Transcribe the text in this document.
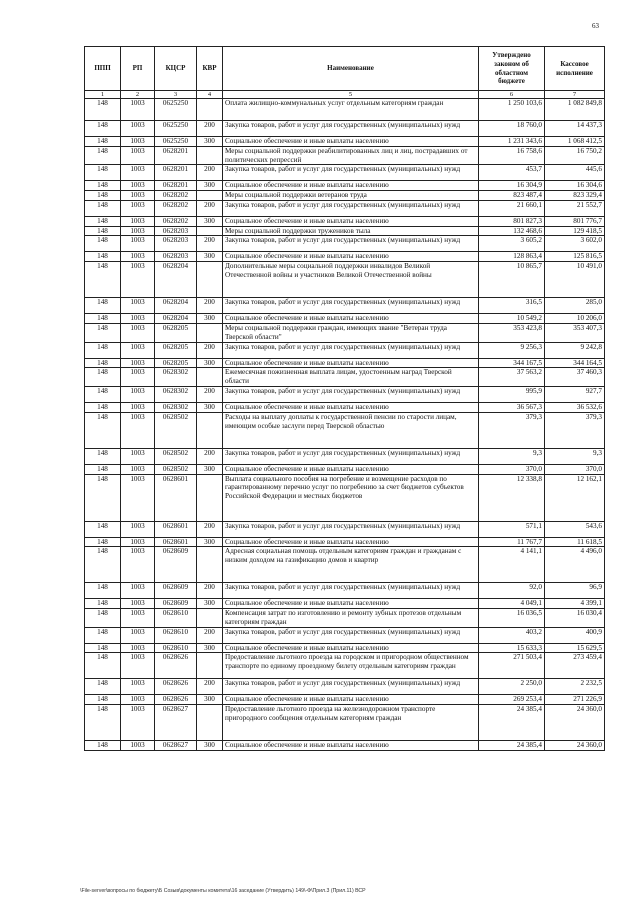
63
ППП	РП	КЦСР	КВР	Наименование	Утверждено законом об областном бюджете	Кассовое исполнение
1	2	3	4	5	6	7
148	1003	0625250		Оплата жилищно-коммунальных услуг отдельным категориям граждан	1 250 103,6	1 082 849,8
148	1003	0625250	200	Закупка товаров, работ и услуг для государственных (муниципальных) нужд	18 760,0	14 437,3
148	1003	0625250	300	Социальное обеспечение и иные выплаты населению	1 231 343,6	1 068 412,5
148	1003	0628201		Меры социальной поддержки реабилитированных лиц и лиц, пострадавших от политических репрессий	16 758,6	16 750,2
148	1003	0628201	200	Закупка товаров, работ и услуг для государственных (муниципальных) нужд	453,7	445,6
148	1003	0628201	300	Социальное обеспечение и иные выплаты населению	16 304,9	16 304,6
148	1003	0628202		Меры социальной поддержки ветеранов труда	823 487,4	823 329,4
148	1003	0628202	200	Закупка товаров, работ и услуг для государственных (муниципальных) нужд	21 660,1	21 552,7
148	1003	0628202	300	Социальное обеспечение и иные выплаты населению	801 827,3	801 776,7
148	1003	0628203		Меры социальной поддержки тружеников тыла	132 468,6	129 418,5
148	1003	0628203	200	Закупка товаров, работ и услуг для государственных (муниципальных) нужд	3 605,2	3 602,0
148	1003	0628203	300	Социальное обеспечение и иные выплаты населению	128 863,4	125 816,5
148	1003	0628204		Дополнительные меры социальной поддержки инвалидов Великой Отечественной войны и участников Великой Отечественной войны	10 865,7	10 491,0
148	1003	0628204	200	Закупка товаров, работ и услуг для государственных (муниципальных) нужд	316,5	285,0
148	1003	0628204	300	Социальное обеспечение и иные выплаты населению	10 549,2	10 206,0
148	1003	0628205		Меры социальной поддержки граждан, имеющих звание "Ветеран труда Тверской области"	353 423,8	353 407,3
148	1003	0628205	200	Закупка товаров, работ и услуг для государственных (муниципальных) нужд	9 256,3	9 242,8
148	1003	0628205	300	Социальное обеспечение и иные выплаты населению	344 167,5	344 164,5
148	1003	0628302		Ежемесячная пожизненная выплата лицам, удостоенным наград Тверской области	37 563,2	37 460,3
148	1003	0628302	200	Закупка товаров, работ и услуг для государственных (муниципальных) нужд	995,9	927,7
148	1003	0628302	300	Социальное обеспечение и иные выплаты населению	36 567,3	36 532,6
148	1003	0628502		Расходы на выплату доплаты к государственной пенсии по старости лицам, имеющим особые заслуги перед Тверской областью	379,3	379,3
148	1003	0628502	200	Закупка товаров, работ и услуг для государственных (муниципальных) нужд	9,3	9,3
148	1003	0628502	300	Социальное обеспечение и иные выплаты населению	370,0	370,0
148	1003	0628601		Выплата социального пособия на погребение и возмещение расходов по гарантированному перечню услуг по погребению за счет бюджетов субъектов Российской Федерации и местных бюджетов	12 338,8	12 162,1
148	1003	0628601	200	Закупка товаров, работ и услуг для государственных (муниципальных) нужд	571,1	543,6
148	1003	0628601	300	Социальное обеспечение и иные выплаты населению	11 767,7	11 618,5
148	1003	0628609		Адресная социальная помощь отдельным категориям граждан и гражданам с низким доходом на газификацию домов и квартир	4 141,1	4 496,0
148	1003	0628609	200	Закупка товаров, работ и услуг для государственных (муниципальных) нужд	92,0	96,9
148	1003	0628609	300	Социальное обеспечение и иные выплаты населению	4 049,1	4 399,1
148	1003	0628610		Компенсация затрат по изготовлению и ремонту зубных протезов отдельным категориям граждан	16 036,5	16 030,4
148	1003	0628610	200	Закупка товаров, работ и услуг для государственных (муниципальных) нужд	403,2	400,9
148	1003	0628610	300	Социальное обеспечение и иные выплаты населению	15 633,3	15 629,5
148	1003	0628626		Предоставление льготного проезда на городском и пригородном общественном транспорте по единому проездному билету отдельным категориям граждан	271 503,4	273 459,4
148	1003	0628626	200	Закупка товаров, работ и услуг для государственных (муниципальных) нужд	2 250,0	2 232,5
148	1003	0628626	300	Социальное обеспечение и иные выплаты населению	269 253,4	271 226,9
148	1003	0628627		Предоставление льготного проезда на железнодорожном транспорте пригородного сообщения отдельным категориям граждан	24 385,4	24 360,0
148	1003	0628627	300	Социальное обеспечение и иные выплаты населению	24 385,4	24 360,0
\File-server\вопросы по бюджету\Б Созыв\документы комитета\16 заседание (Утвердить) 149\-Ф\Прил.3 (Прил.11) ВСР
